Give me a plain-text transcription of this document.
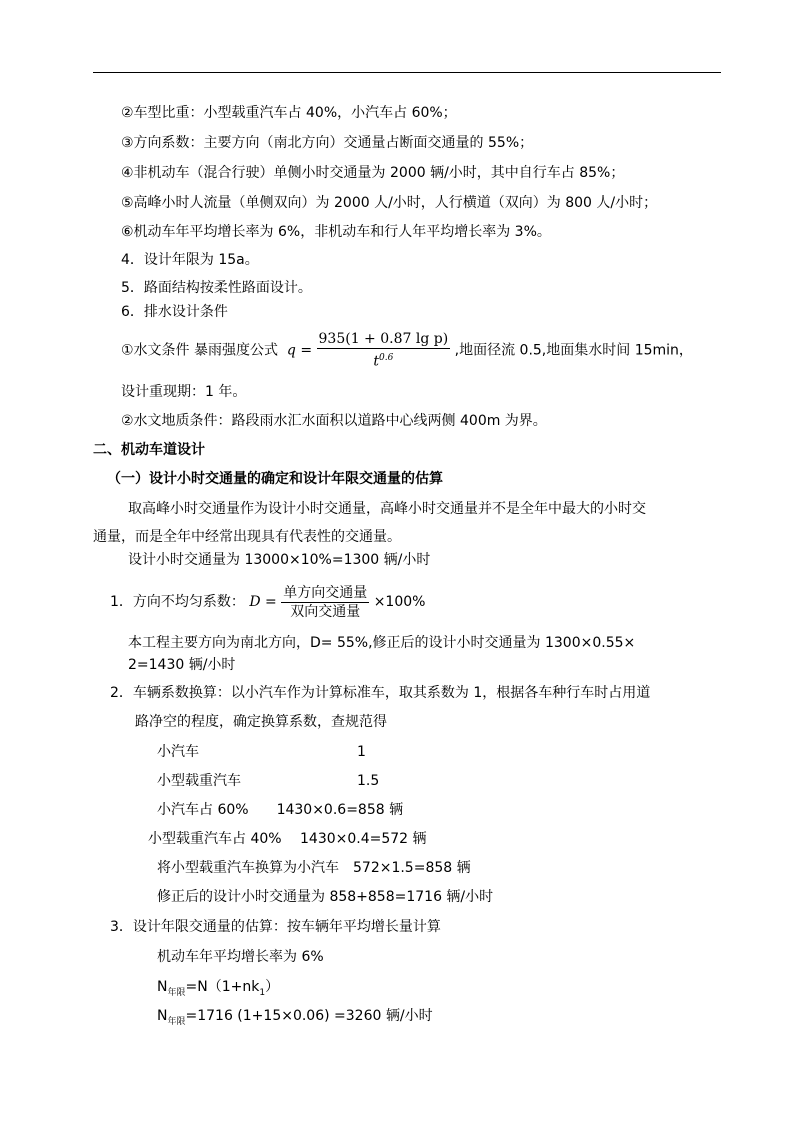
②车型比重：小型载重汽车占 40%，小汽车占 60%；
③方向系数：主要方向（南北方向）交通量占断面交通量的 55%；
④非机动车（混合行驶）单侧小时交通量为 2000 辆/小时，其中自行车占 85%；
⑤高峰小时人流量（单侧双向）为 2000 人/小时，人行横道（双向）为 800 人/小时；
⑥机动车年平均增长率为 6%，非机动车和行人年平均增长率为 3%。
4．设计年限为 15a。
5．路面结构按柔性路面设计。
6．排水设计条件
①水文条件 暴雨强度公式  $q = \frac{\text{935(1 + 0.87 lg p)}}{t^{0.6}}$ ,地面径流 0.5,地面集水时间 15min，
设计重现期：1 年。
②水文地质条件：路段雨水汇水面积以道路中心线两侧 400m 为界。
二、机动车道设计
（一）设计小时交通量的确定和设计年限交通量的估算
取高峰小时交通量作为设计小时交通量，高峰小时交通量并不是全年中最大的小时交
通量，而是全年中经常出现具有代表性的交通量。
设计小时交通量为 13000×10%=1300 辆/小时
1．方向不均匀系数： $D = \frac{\text{单方向交通量}}{\text{双向交通量}} \times 100\%$
本工程主要方向为南北方向，D= 55%,修正后的设计小时交通量为 1300×0.55×
2=1430 辆/小时
2．车辆系数换算：以小汽车作为计算标准车，取其系数为 1，根据各车种行车时占用道
路净空的程度，确定换算系数，查规范得
小汽车	1
小型载重汽车	1.5
小汽车占 60%　　1430×0.6=858 辆
小型载重汽车占 40%　 1430×0.4=572 辆
将小型载重汽车换算为小汽车　572×1.5=858 辆
修正后的设计小时交通量为 858+858=1716 辆/小时
3．设计年限交通量的估算：按车辆年平均增长量计算
机动车年平均增长率为 6%
$N_{年限}=N(1+nk_1)$
$N_{年限}=1716$ (1+15×0.06) =3260 辆/小时
